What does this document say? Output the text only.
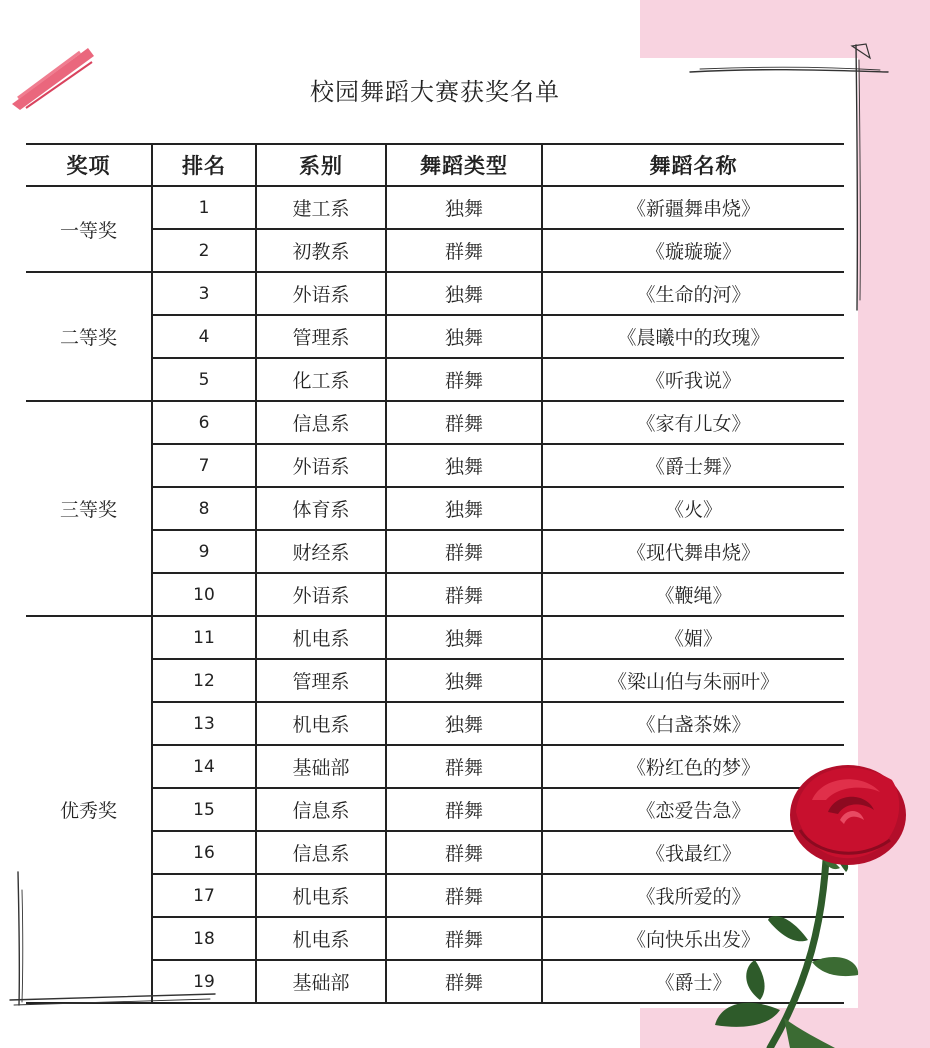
校园舞蹈大赛获奖名单
奖项	排名	系别	舞蹈类型	舞蹈名称
一等奖	1	建工系	独舞	《新疆舞串烧》
	2	初教系	群舞	《璇璇璇》
二等奖	3	外语系	独舞	《生命的河》
	4	管理系	独舞	《晨曦中的玫瑰》
	5	化工系	群舞	《听我说》
三等奖	6	信息系	群舞	《家有儿女》
	7	外语系	独舞	《爵士舞》
	8	体育系	独舞	《火》
	9	财经系	群舞	《现代舞串烧》
	10	外语系	群舞	《鞭绳》
优秀奖	11	机电系	独舞	《媚》
	12	管理系	独舞	《梁山伯与朱丽叶》
	13	机电系	独舞	《白盏茶姝》
	14	基础部	群舞	《粉红色的梦》
	15	信息系	群舞	《恋爱告急》
	16	信息系	群舞	《我最红》
	17	机电系	群舞	《我所爱的》
	18	机电系	群舞	《向快乐出发》
	19	基础部	群舞	《爵士》
